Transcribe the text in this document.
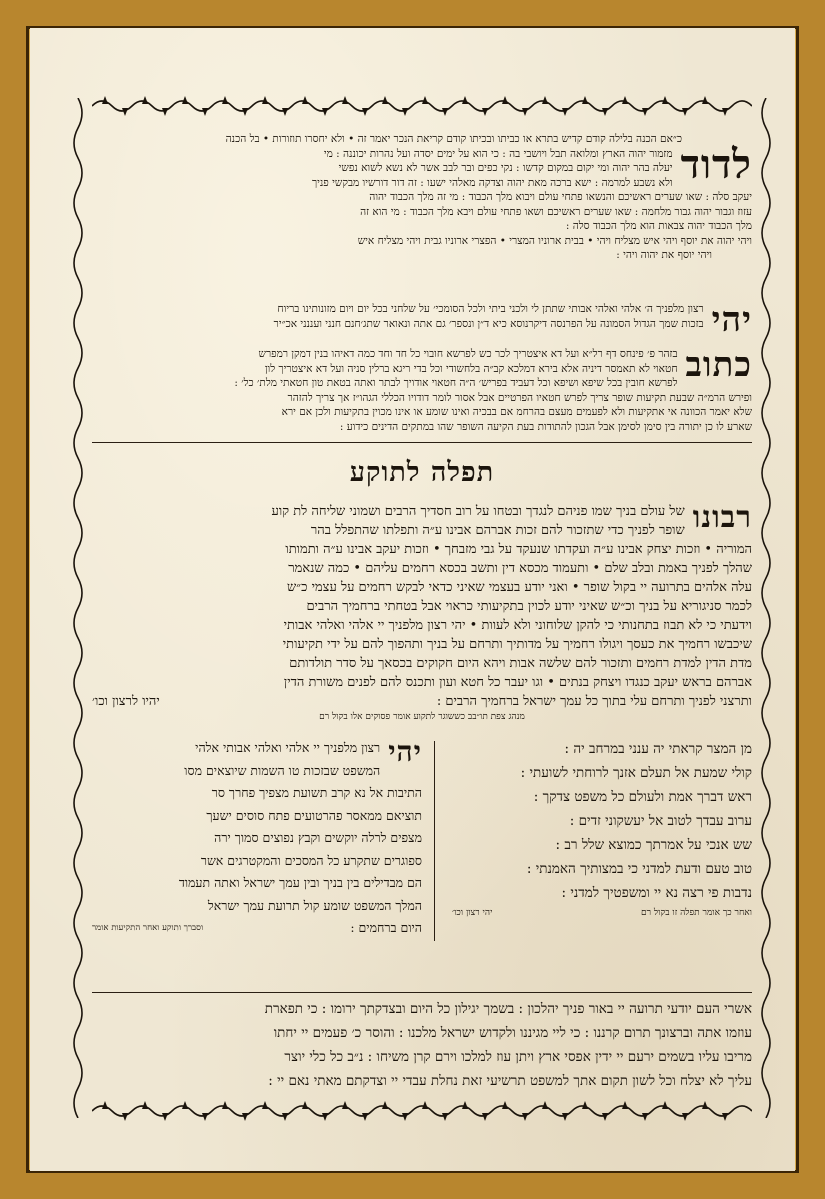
כ״אם הכנה בלילה קודם קדיש בתרא או כביתו ובכיתו קודם קריאת הנכר יאמר זה • ולא יחסרו תוזורות • בל הכנה
לדוד
מזמור יהוה הארץ ומלואה תבל ויושבי בה : כי הוא על ימים יסדה ועל נהרות יכוננה : מי
יעלה בהר יהוה ומי יקום במקום קדשו : נקי כפים ובר לבב אשר לא נשא לשוא נפשי
ולא נשבע למרמה : ישא ברכה מאת יהוה וצדקה מאלהי ישעו : זה דור דורשיו מבקשי פניך
יעקב סלה : שאו שערים ראשיכם והנשאו פתחי עולם ויבוא מלך הכבוד : מי זה מלך הכבוד יהוה
עזוז וגבור יהוה גבור מלחמה : שאו שערים ראשיכם ושאו פתחי עולם ויבא מלך הכבוד : מי הוא זה
מלך הכבוד יהוה צבאות הוא מלך הכבוד סלה :
ויהי יהוה את יוסף ויהי איש מצליח ויהי • בבית ארוניו המצרי • הפצרי ארוניו גבית ויהי מצליח איש
ויהי יוסף את יהוה ויהי :
יהי
רצון מלפניך ה׳ אלהי ואלהי אבותי שתתן לי ולכני ביתי ולכל הסומכי׳ על שלחני בכל יום ויום מזונותינו בריוח
בזכות שמך הגדול הסמונה על הפרנסה דיקרנוסא כיא ד״ן ונספר׳ גם אתה ונאואר שתג׳חנם חנני ועננני אכ״יר
כתוב
בזהר פ׳ פינחס דף רל״א ועל דא איצטריך לכר כש לפרשא חובוי כל חד וחד כמה דאיהו בנין דמקן רמפרש
חטאוי לא תאמסר דיניה אלא בירא דמלכא קב״ה בלחשודי וכל בדי ריגא ברלין סניה ועל דא איצטריך לון
לפרשא חובין בכל שיפא ושיפא וכל דעביד בפריש׳ ה״ה חטאוי אודויך לבתר ואתה בטאת טון חטאתי מלת׳ כל׳ :
ופירש הרמ״ה שבעת תקיעות שופר צריך לפרש חטאיו הפרטיים אבל אסור לומר דודויו הכללי הגהו״ז אך צריך להזהר
שלא יאמר הכוונה אי אתקיעות ולא לפעמים מעצם בהרחמ אם בבכיה ואינו שומע או אינו מכוין בתקיעות ולכן אם ירא
שארע לו כן יתורה בין סימן לסימן אבל הגכון להתודות בעת הקיעה השופר שהו במתקים הדינים כידוע :
תפלה לתוקע
רבונו
של עולם בניך שמו פניהם לנגדך ובטחו על רוב חסדיך הרבים ושמוני שליחה לת קוע
שופר לפניך כדי שתזכור להם זכות אברהם אבינו ע״ה ותפלתו שהתפלל בהר
המוריה • וזכות יצחק אבינו ע״ה ועקדתו שנעקד על גבי מזבחך • וזכות יעקב אבינו ע״ה ותמותו
שהלך לפניך באמת ובלב שלם • ותעמוד מכסא דין ותשב בכסא רחמים עליהם • כמה שנאמר
עלה אלהים בתרועה יי בקול שופר • ואני יודע בעצמי שאיני כדאי לבקש רחמים על עצמי כ״ש
לכמר סניגוריא על בניך וכ״ש שאיני יודע לכוין בתקיעותי כראוי אבל בטחתי ברחמיך הרבים
וידעתי כי לא תבוז בתחנותי כי להקן שלוחוני ולא לעוות • יהי רצון מלפניך יי אלהי ואלהי אבותי
שיכבשו רחמיך את כעסך ויגולו רחמיך על מדותיך ותרחם על בניך ותהפוך להם על ידי תקיעותי
מדת הדין למדת רחמים ותזכור להם שלשה אבות ויהא היום חקוקים בכסאך על סדר תולדותם
אברהם בראש יעקב כנגדו ויצחק בנתים • וגו יעבר כל חטא ועון ותכנס להם לפנים משורת הדין
ותרצני לפניך ותרחם עלי בתוך כל עמך ישראל ברחמיך הרבים :
יהיו לרצון וכו׳
מנהג צפת תו״בב כששוגר לתקוע אומר פסוקים אלו בקול רם
מן המצר קראתי יה ענני במרחב יה :
קולי שמעת אל תעלם אזנך לרוחתי לשועתי :
ראש דברך אמת ולעולם כל משפט צדקך :
ערוב עבדך לטוב אל יעשקוני זדים :
שש אנכי על אמרתך כמוצא שלל רב :
טוב טעם ודעת למדני כי במצותיך האמנתי :
נדבות פי רצה נא יי ומשפטיך למדני :
ואחר כך אומר תפלה זו בקול רם
יהי רצון וכו׳
יהי
רצון מלפניך יי אלהי ואלהי אבותי אלהי
המשפט שבזכות טו השמות שיוצאים מסו
התיבות אל נא קרב תשועת מצפיך פחרך סר
תוציאם ממאסר פהרטועים פתח סוסים ישעך
מצפים לרלה יוקשים וקבץ נפוצים סמוך ירה
ספוגרים שתקרע כל המסכים והמקטרגים אשר
הם מבדילים בין בניך ובין עמך ישראל ואתה תעמוד
המלך המשפט שומע קול תרועת עמך ישראל
היום ברחמים :
וסברך ותוקע ואחר התקיעות אומר
אשרי העם יודעי תרועה יי באור פניך יהלכון : בשמך יגילון כל היום ובצדקתך ירומו : כי תפארת
עוזמו אתה וברצונך תרום קרננו : כי ליי מגיננו ולקדוש ישראל מלכנו : והוסר כ׳ פעמים יי יחתו
מריבו עליו בשמים ירעם יי ידין אפסי ארץ ויתן עוז למלכו וירם קרן משיחו : נ״ב כל כלי יוצר
עליך לא יצלח וכל לשון תקום אתך למשפט תרשיעי זאת נחלת עבדי יי וצדקתם מאתי נאם יי :
